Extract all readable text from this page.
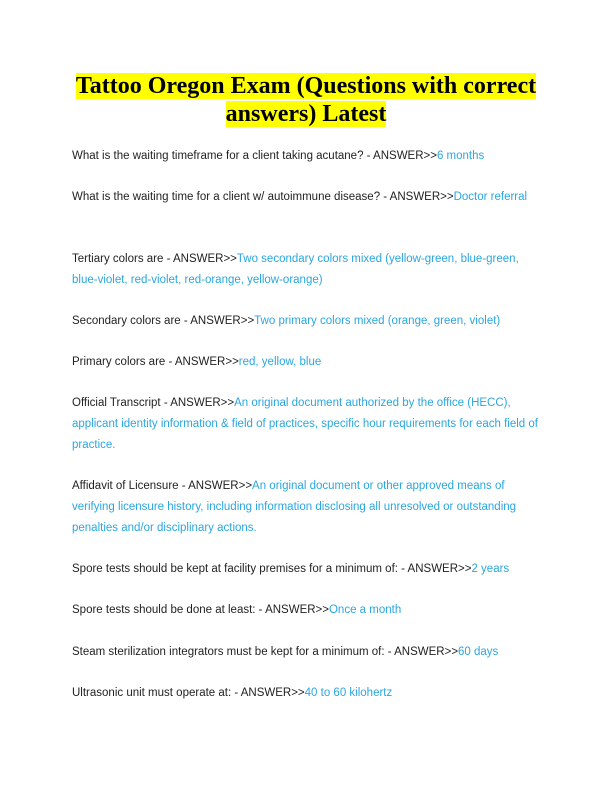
Tattoo Oregon Exam (Questions with correct
answers) Latest
What is the waiting timeframe for a client taking acutane? - ANSWER>>6 months
What is the waiting time for a client w/ autoimmune disease? - ANSWER>>Doctor referral
Tertiary colors are - ANSWER>>Two secondary colors mixed (yellow-green, blue-green, blue-violet, red-violet, red-orange, yellow-orange)
Secondary colors are - ANSWER>>Two primary colors mixed (orange, green, violet)
Primary colors are - ANSWER>>red, yellow, blue
Official Transcript - ANSWER>>An original document authorized by the office (HECC), applicant identity information & field of practices, specific hour requirements for each field of practice.
Affidavit of Licensure - ANSWER>>An original document or other approved means of verifying licensure history, including information disclosing all unresolved or outstanding penalties and/or disciplinary actions.
Spore tests should be kept at facility premises for a minimum of: - ANSWER>>2 years
Spore tests should be done at least: - ANSWER>>Once a month
Steam sterilization integrators must be kept for a minimum of: - ANSWER>>60 days
Ultrasonic unit must operate at: - ANSWER>>40 to 60 kilohertz
